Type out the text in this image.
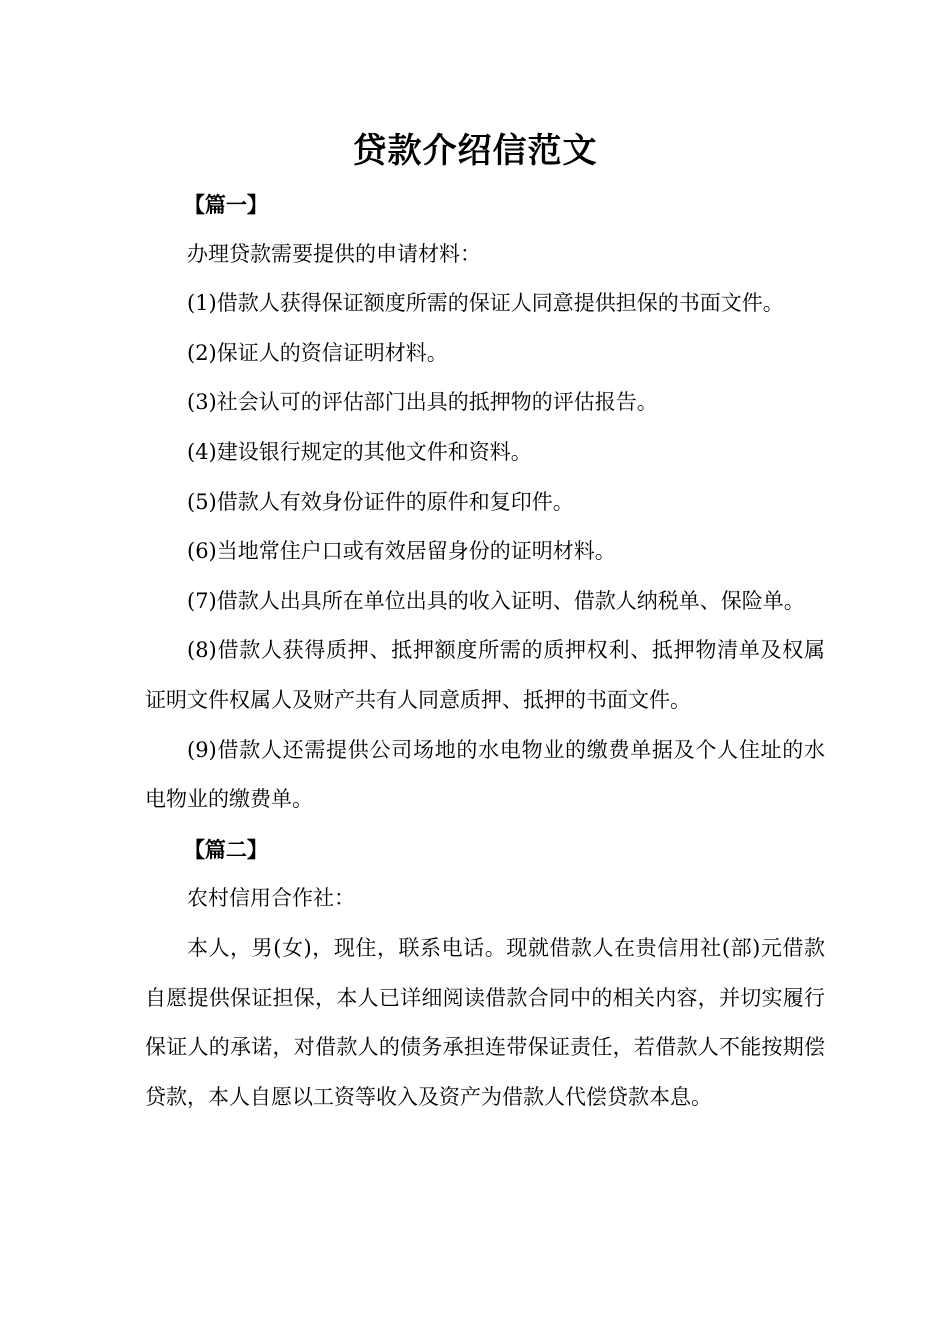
贷款介绍信范文

【篇一】

办理贷款需要提供的申请材料：

(1)借款人获得保证额度所需的保证人同意提供担保的书面文件。

(2)保证人的资信证明材料。

(3)社会认可的评估部门出具的抵押物的评估报告。

(4)建设银行规定的其他文件和资料。

(5)借款人有效身份证件的原件和复印件。

(6)当地常住户口或有效居留身份的证明材料。

(7)借款人出具所在单位出具的收入证明、借款人纳税单、保险单。

(8)借款人获得质押、抵押额度所需的质押权利、抵押物清单及权属证明文件权属人及财产共有人同意质押、抵押的书面文件。

(9)借款人还需提供公司场地的水电物业的缴费单据及个人住址的水电物业的缴费单。

【篇二】

农村信用合作社：

本人，男(女)，现住，联系电话。现就借款人在贵信用社(部)元借款自愿提供保证担保，本人已详细阅读借款合同中的相关内容，并切实履行保证人的承诺，对借款人的债务承担连带保证责任，若借款人不能按期偿贷款，本人自愿以工资等收入及资产为借款人代偿贷款本息。
